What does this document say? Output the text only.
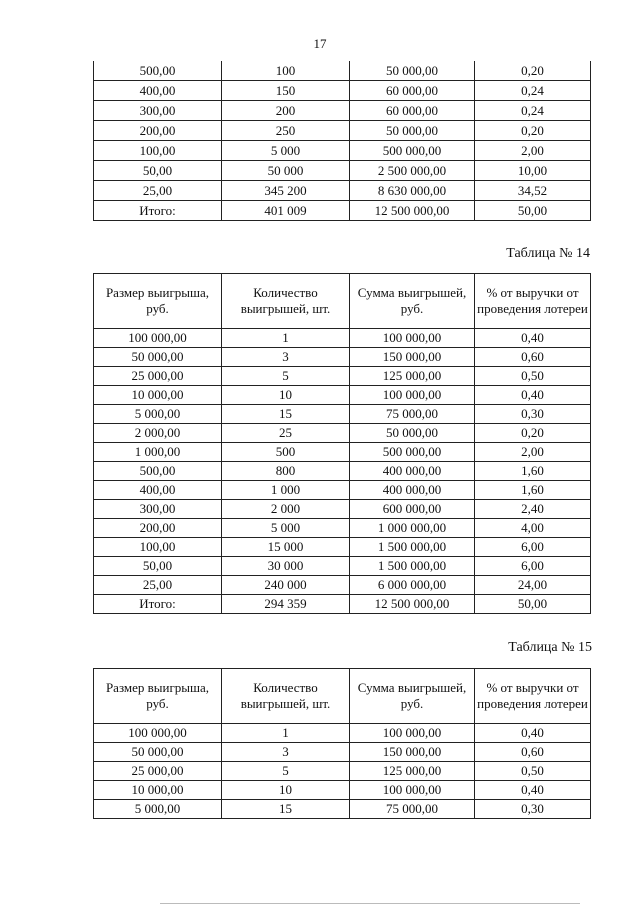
17
500,00	100	50 000,00	0,20
400,00	150	60 000,00	0,24
300,00	200	60 000,00	0,24
200,00	250	50 000,00	0,20
100,00	5 000	500 000,00	2,00
50,00	50 000	2 500 000,00	10,00
25,00	345 200	8 630 000,00	34,52
Итого:	401 009	12 500 000,00	50,00
Таблица № 14
Размер выигрыша, руб.	Количество выигрышей, шт.	Сумма выигрышей, руб.	% от выручки от проведения лотереи
100 000,00	1	100 000,00	0,40
50 000,00	3	150 000,00	0,60
25 000,00	5	125 000,00	0,50
10 000,00	10	100 000,00	0,40
5 000,00	15	75 000,00	0,30
2 000,00	25	50 000,00	0,20
1 000,00	500	500 000,00	2,00
500,00	800	400 000,00	1,60
400,00	1 000	400 000,00	1,60
300,00	2 000	600 000,00	2,40
200,00	5 000	1 000 000,00	4,00
100,00	15 000	1 500 000,00	6,00
50,00	30 000	1 500 000,00	6,00
25,00	240 000	6 000 000,00	24,00
Итого:	294 359	12 500 000,00	50,00
Таблица № 15
Размер выигрыша, руб.	Количество выигрышей, шт.	Сумма выигрышей, руб.	% от выручки от проведения лотереи
100 000,00	1	100 000,00	0,40
50 000,00	3	150 000,00	0,60
25 000,00	5	125 000,00	0,50
10 000,00	10	100 000,00	0,40
5 000,00	15	75 000,00	0,30
